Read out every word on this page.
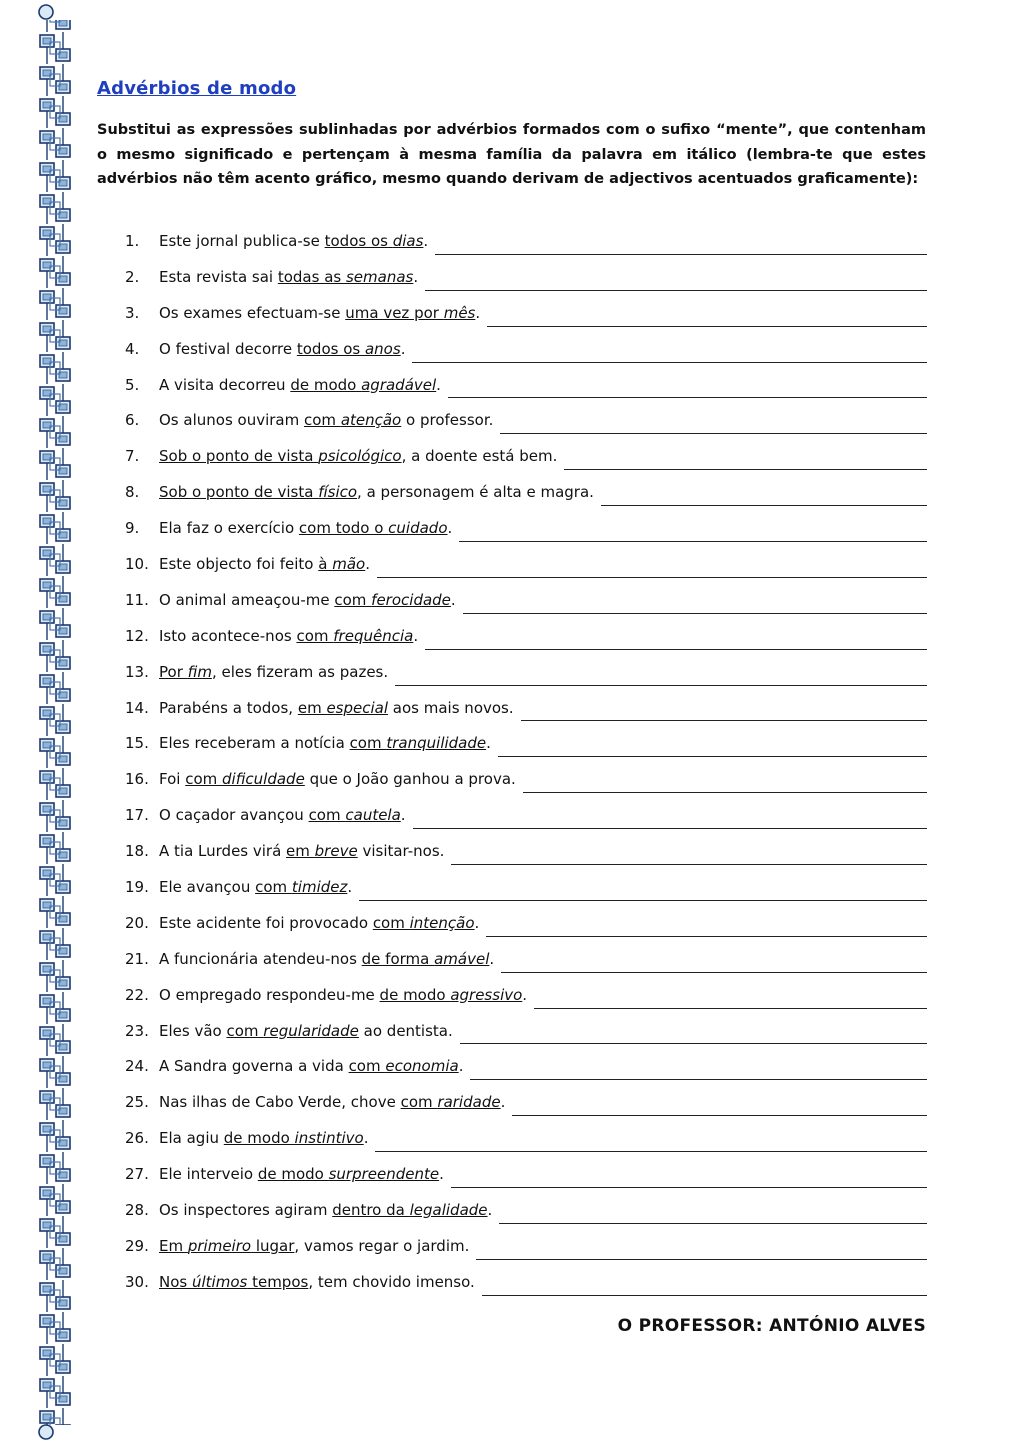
Advérbios de modo

Substitui as expressões sublinhadas por advérbios formados com o sufixo “mente”, que contenham o mesmo significado e pertençam à mesma família da palavra em itálico (lembra-te que estes advérbios não têm acento gráfico, mesmo quando derivam de adjectivos acentuados graficamente):

1.	Este jornal publica-se todos os dias.
2.	Esta revista sai todas as semanas.
3.	Os exames efectuam-se uma vez por mês.
4.	O festival decorre todos os anos.
5.	A visita decorreu de modo agradável.
6.	Os alunos ouviram com atenção o professor.
7.	Sob o ponto de vista psicológico, a doente está bem.
8.	Sob o ponto de vista físico, a personagem é alta e magra.
9.	Ela faz o exercício com todo o cuidado.
10. Este objecto foi feito à mão.
11. O animal ameaçou-me com ferocidade.
12. Isto acontece-nos com frequência.
13. Por fim, eles fizeram as pazes.
14. Parabéns a todos, em especial aos mais novos.
15. Eles receberam a notícia com tranquilidade.
16. Foi com dificuldade que o João ganhou a prova.
17. O caçador avançou com cautela.
18. A tia Lurdes virá em breve visitar-nos.
19. Ele avançou com timidez.
20. Este acidente foi provocado com intenção.
21. A funcionária atendeu-nos de forma amável.
22. O empregado respondeu-me de modo agressivo.
23. Eles vão com regularidade ao dentista.
24. A Sandra governa a vida com economia.
25. Nas ilhas de Cabo Verde, chove com raridade.
26. Ela agiu de modo instintivo.
27. Ele interveio de modo surpreendente.
28. Os inspectores agiram dentro da legalidade.
29. Em primeiro lugar, vamos regar o jardim.
30. Nos últimos tempos, tem chovido imenso.

O PROFESSOR: ANTÓNIO ALVES
